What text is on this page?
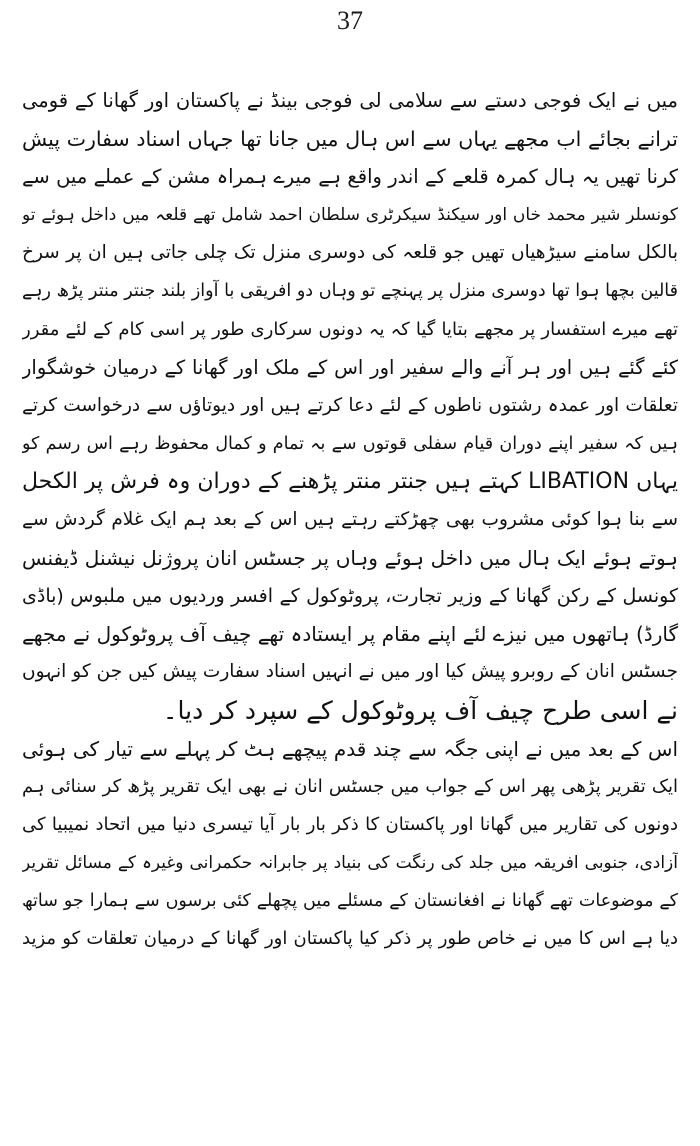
37
میں نے ایک فوجی دستے سے سلامی لی فوجی بینڈ نے پاکستان اور گھانا کے قومی
ترانے بجائے اب مجھے یہاں سے اس ہال میں جانا تھا جہاں اسناد سفارت پیش
کرنا تھیں یہ ہال کمرہ قلعے کے اندر واقع ہے میرے ہمراہ مشن کے عملے میں سے
کونسلر شیر محمد خاں اور سیکنڈ سیکرٹری سلطان احمد شامل تھے قلعہ میں داخل ہوئے تو
بالکل سامنے سیڑھیاں تھیں جو قلعہ کی دوسری منزل تک چلی جاتی ہیں ان پر سرخ
قالین بچھا ہوا تھا دوسری منزل پر پہنچے تو وہاں دو افریقی با آواز بلند جنتر منتر پڑھ رہے
تھے میرے استفسار پر مجھے بتایا گیا کہ یہ دونوں سرکاری طور پر اسی کام کے لئے مقرر
کئے گئے ہیں اور ہر آنے والے سفیر اور اس کے ملک اور گھانا کے درمیان خوشگوار
تعلقات اور عمدہ رشتوں ناطوں کے لئے دعا کرتے ہیں اور دیوتاؤں سے درخواست کرتے
ہیں کہ سفیر اپنے دوران قیام سفلی قوتوں سے بہ تمام و کمال محفوظ رہے اس رسم کو
یہاں LIBATION کہتے ہیں جنتر منتر پڑھنے کے دوران وہ فرش پر الکحل
سے بنا ہوا کوئی مشروب بھی چھڑکتے رہتے ہیں اس کے بعد ہم ایک غلام گردش سے
ہوتے ہوئے ایک ہال میں داخل ہوئے وہاں پر جسٹس انان پروژنل نیشنل ڈیفنس
کونسل کے رکن گھانا کے وزیر تجارت، پروٹوکول کے افسر وردیوں میں ملبوس (باڈی
گارڈ) ہاتھوں میں نیزے لئے اپنے مقام پر ایستادہ تھے چیف آف پروٹوکول نے مجھے
جسٹس انان کے روبرو پیش کیا اور میں نے انہیں اسناد سفارت پیش کیں جن کو انہوں
نے اسی طرح چیف آف پروٹوکول کے سپرد کر دیا۔
اس کے بعد میں نے اپنی جگہ سے چند قدم پیچھے ہٹ کر پہلے سے تیار کی ہوئی
ایک تقریر پڑھی پھر اس کے جواب میں جسٹس انان نے بھی ایک تقریر پڑھ کر سنائی ہم
دونوں کی تقاریر میں گھانا اور پاکستان کا ذکر بار بار آیا تیسری دنیا میں اتحاد نمیبیا کی
آزادی، جنوبی افریقہ میں جلد کی رنگت کی بنیاد پر جابرانہ حکمرانی وغیرہ کے مسائل تقریر
کے موضوعات تھے گھانا نے افغانستان کے مسئلے میں پچھلے کئی برسوں سے ہمارا جو ساتھ
دیا ہے اس کا میں نے خاص طور پر ذکر کیا پاکستان اور گھانا کے درمیان تعلقات کو مزید
